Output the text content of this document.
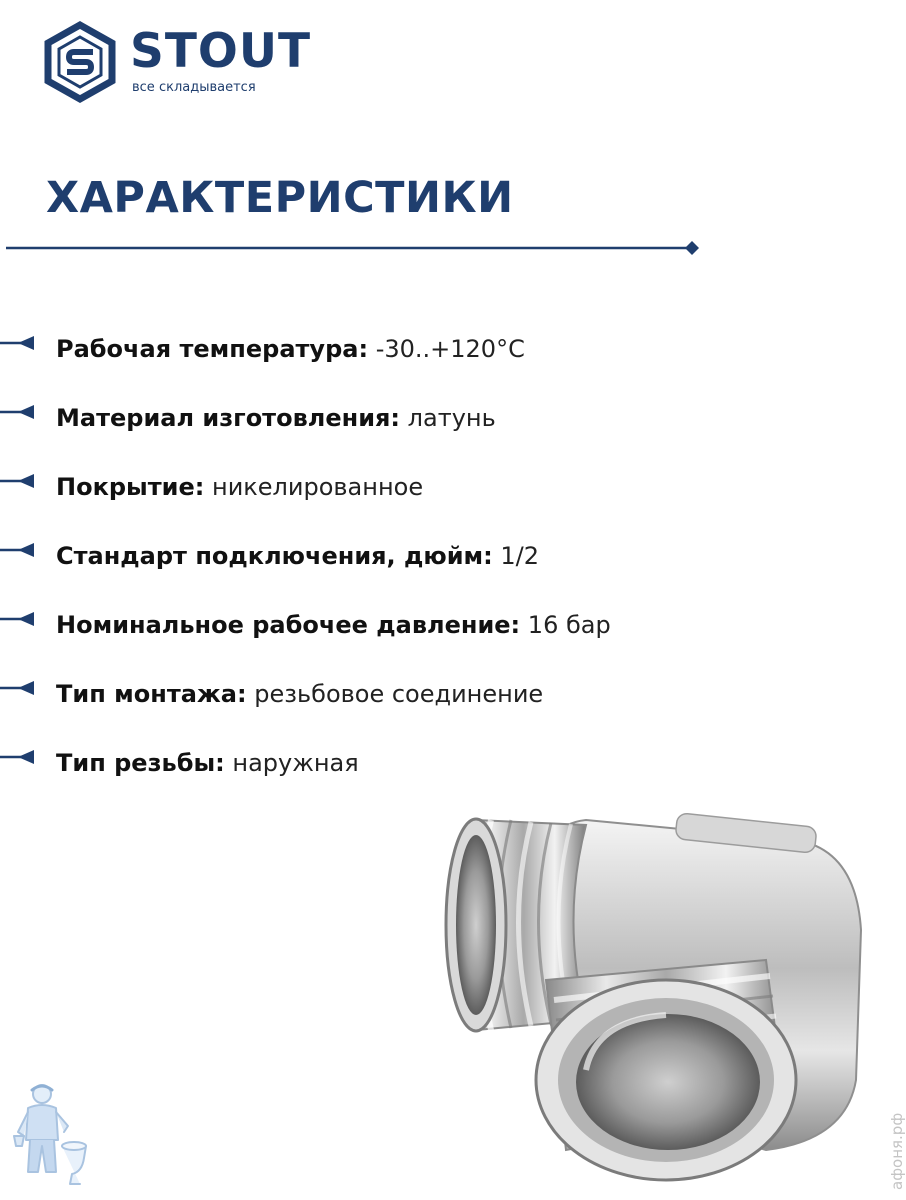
STOUT
все складывается
ХАРАКТЕРИСТИКИ
Рабочая температура: -30..+120°C
Материал изготовления: латунь
Покрытие: никелированное
Стандарт подключения, дюйм: 1/2
Номинальное рабочее давление: 16 бар
Тип монтажа: резьбовое соединение
Тип резьбы: наружная
афоня.рф
